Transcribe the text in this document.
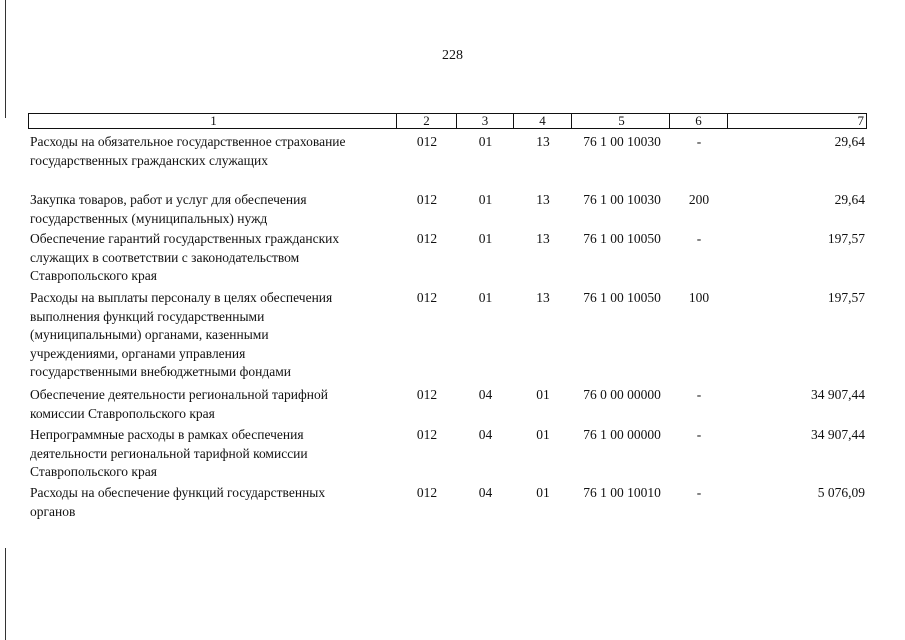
228
1	2	3	4	5	6	7
Расходы на обязательное государственное страхование
государственных гражданских служащих
012	01	13	76 1 00 10030	-	29,64
Закупка товаров, работ и услуг для обеспечения
государственных (муниципальных) нужд
012	01	13	76 1 00 10030	200	29,64
Обеспечение гарантий государственных гражданских
служащих в соответствии с законодательством
Ставропольского края
012	01	13	76 1 00 10050	-	197,57
Расходы на выплаты персоналу в целях обеспечения
выполнения функций государственными
(муниципальными) органами, казенными
учреждениями, органами управления
государственными внебюджетными фондами
012	01	13	76 1 00 10050	100	197,57
Обеспечение деятельности региональной тарифной
комиссии Ставропольского края
012	04	01	76 0 00 00000	-	34 907,44
Непрограммные расходы в рамках обеспечения
деятельности региональной тарифной комиссии
Ставропольского края
012	04	01	76 1 00 00000	-	34 907,44
Расходы на обеспечение функций государственных
органов
012	04	01	76 1 00 10010	-	5 076,09
